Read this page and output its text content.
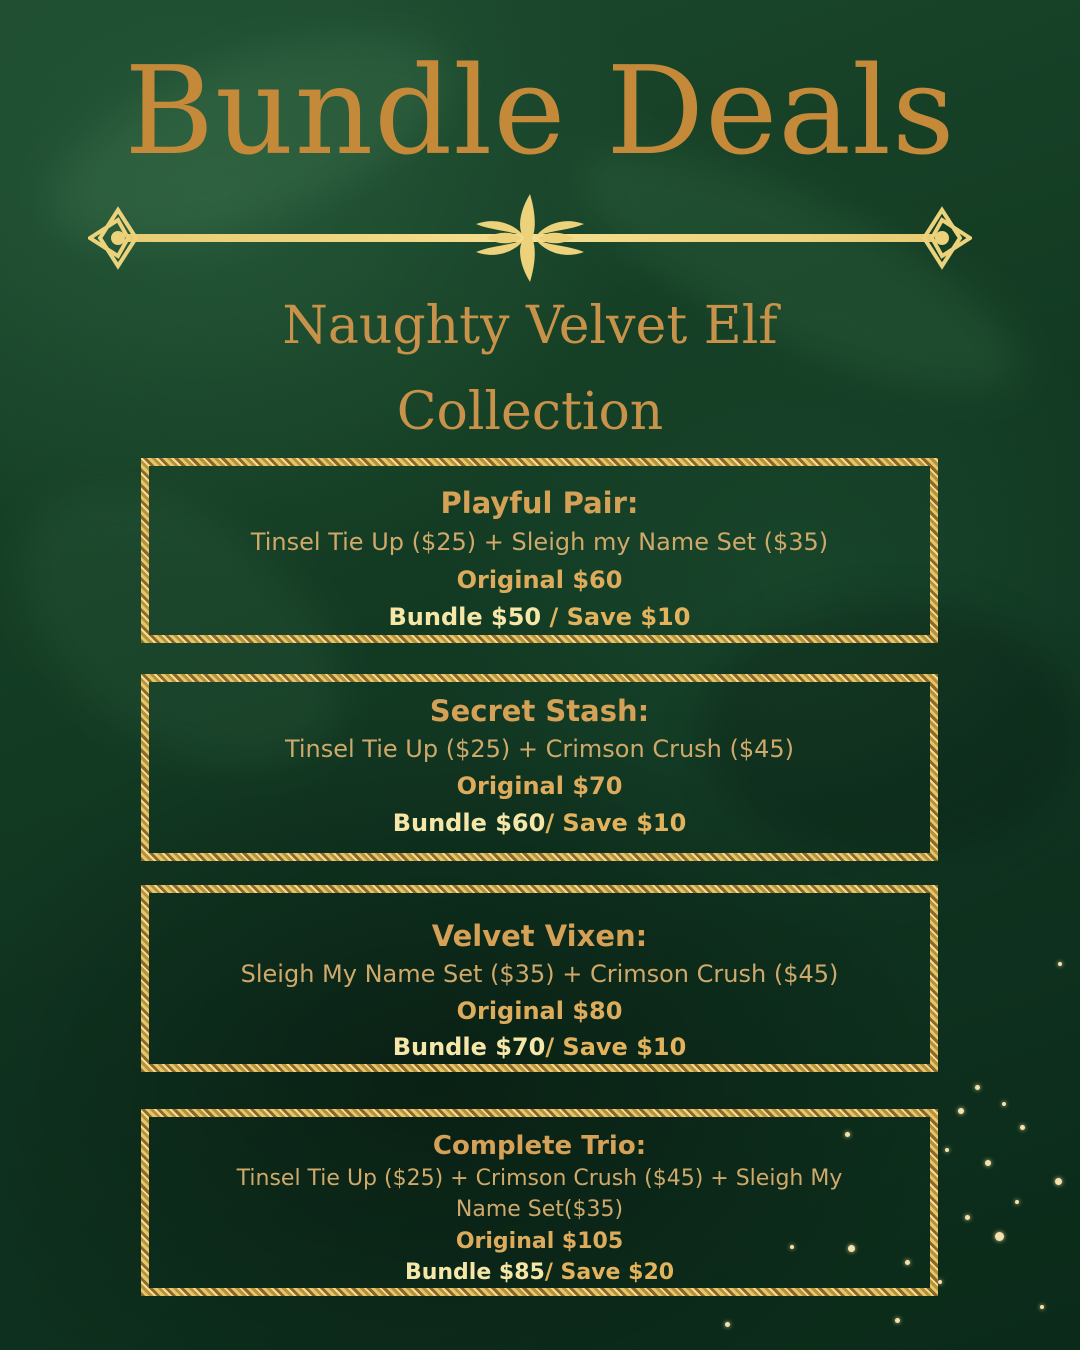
Bundle Deals
Naughty Velvet Elf
Collection
Playful Pair:
Tinsel Tie Up ($25) + Sleigh my Name Set ($35)
Original $60
Bundle $50 / Save $10
Secret Stash:
Tinsel Tie Up ($25) + Crimson Crush ($45)
Original $70
Bundle $60/ Save $10
Velvet Vixen:
Sleigh My Name Set ($35) + Crimson Crush ($45)
Original $80
Bundle $70/ Save $10
Complete Trio:
Tinsel Tie Up ($25) + Crimson Crush ($45) + Sleigh My Name Set($35)
Original $105
Bundle $85/ Save $20
